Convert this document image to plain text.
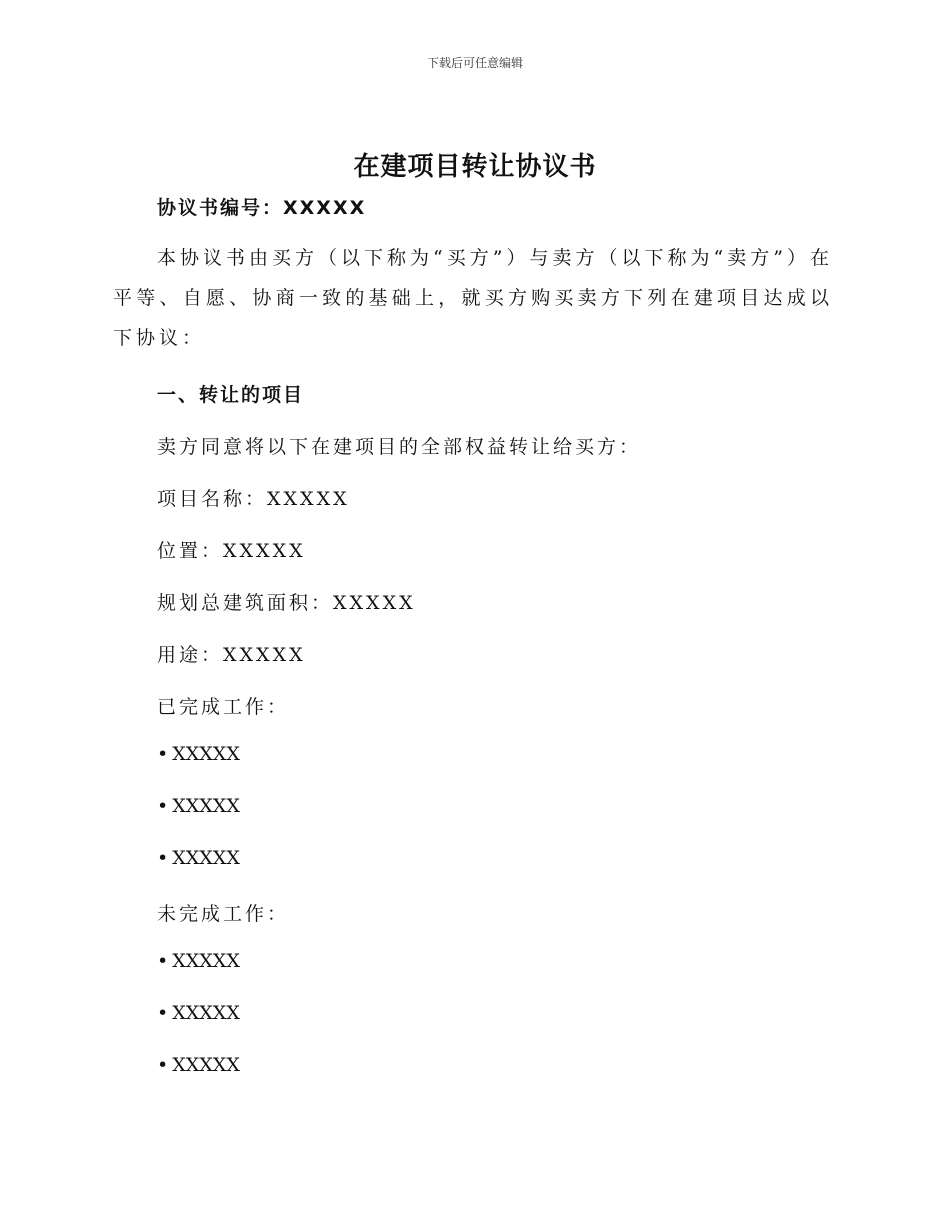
下载后可任意编辑
在建项目转让协议书
协议书编号：XXXXX
本协议书由买方（以下称为“买方”）与卖方（以下称为“卖方”）在平等、自愿、协商一致的基础上，就买方购买卖方下列在建项目达成以下协议：
一、转让的项目
卖方同意将以下在建项目的全部权益转让给买方：
项目名称：XXXXX
位置：XXXXX
规划总建筑面积：XXXXX
用途：XXXXX
已完成工作：
• XXXXX
• XXXXX
• XXXXX
未完成工作：
• XXXXX
• XXXXX
• XXXXX
